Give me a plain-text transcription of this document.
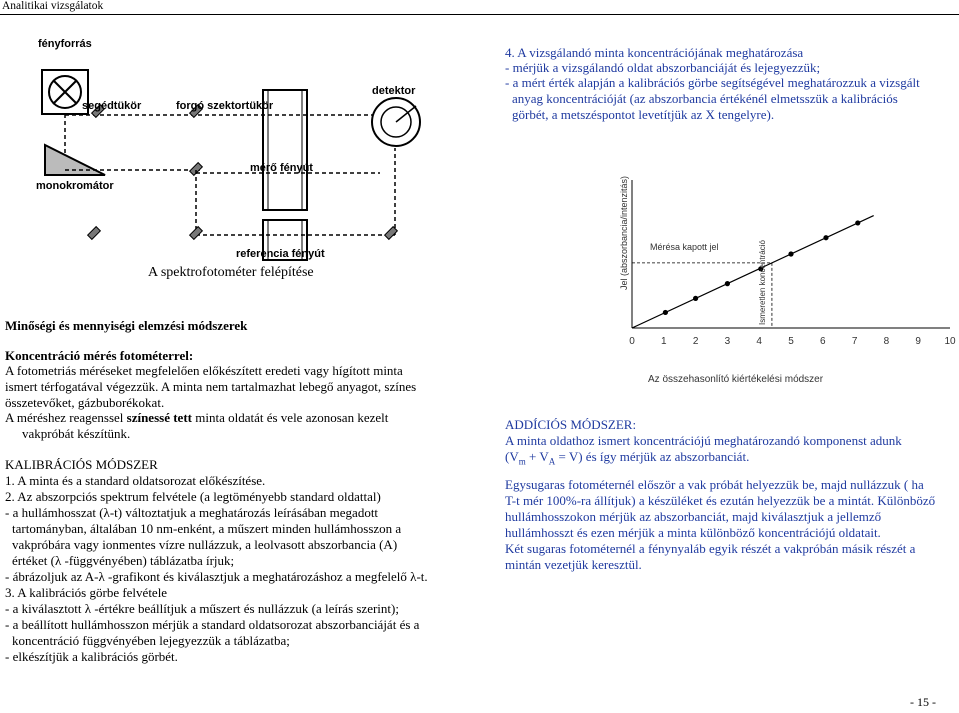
Analitikai vizsgálatok
fényforrás
segédtükör	forgó szektortükör
detektor
mérő fényút
monokromátor
referencia fényút
A spektrofotométer felépítése
Minőségi és mennyiségi elemzési módszerek
Koncentráció mérés fotométerrel:
A fotometriás méréseket megfelelően előkészített eredeti vagy hígított minta
ismert térfogatával végezzük. A minta nem tartalmazhat lebegő anyagot, színes
összetevőket, gázbuborékokat.
A méréshez reagenssel színessé tett minta oldatát és vele azonosan kezelt
vakpróbát készítünk.
KALIBRÁCIÓS MÓDSZER
1. A minta és a standard oldatsorozat előkészítése.
2. Az abszorpciós spektrum felvétele (a legtöményebb standard oldattal)
- a hullámhosszat (λ-t) változtatjuk a meghatározás leírásában megadott
tartományban, általában 10 nm-enként, a műszert minden hullámhosszon a
vakpróbára vagy ionmentes vízre nullázzuk, a leolvasott abszorbancia (A)
értéket (λ -függvényében) táblázatba írjuk;
- ábrázoljuk az A-λ -grafikont és kiválasztjuk a meghatározáshoz a megfelelő λ-t.
3. A kalibrációs görbe felvétele
- a kiválasztott λ -értékre beállítjuk a műszert és nullázzuk (a leírás szerint);
- a beállított hullámhosszon mérjük a standard oldatsorozat abszorbanciáját és a
koncentráció függvényében lejegyezzük a táblázatba;
- elkészítjük a kalibrációs görbét.
4. A vizsgálandó minta koncentrációjának meghatározása
- mérjük a vizsgálandó oldat abszorbanciáját és lejegyezzük;
- a mért érték alapján a kalibrációs görbe segítségével meghatározzuk a vizsgált
anyag koncentrációját (az abszorbancia értékénél elmetsszük a kalibrációs
görbét, a metszéspontot levetítjük az X tengelyre).
0	1	2	3	4	5	6	7	8	9 10
Jel (abszorbancia/intenzitás) Mérésa kapott jel	Ismeretlen koncentráció
Az összehasonlító kiértékelési módszer
ADDÍCIÓS MÓDSZER:
A minta oldathoz ismert koncentrációjú meghatározandó komponenst adunk
$(V_m + V_A = V)$ és így mérjük az abszorbanciát.
Egysugaras fotométernél először a vak próbát helyezzük be, majd nullázzuk ( ha
T-t mér 100%-ra állítjuk) a készüléket és ezután helyezzük be a mintát. Különböző
hullámhosszokon mérjük az abszorbanciát, majd kiválasztjuk a jellemző
hullámhosszt és ezen mérjük a minta különböző koncentrációjú oldatait.
Két sugaras fotométernél a fénynyaláb egyik részét a vakpróbán másik részét a
mintán vezetjük keresztül.
- 15 -
